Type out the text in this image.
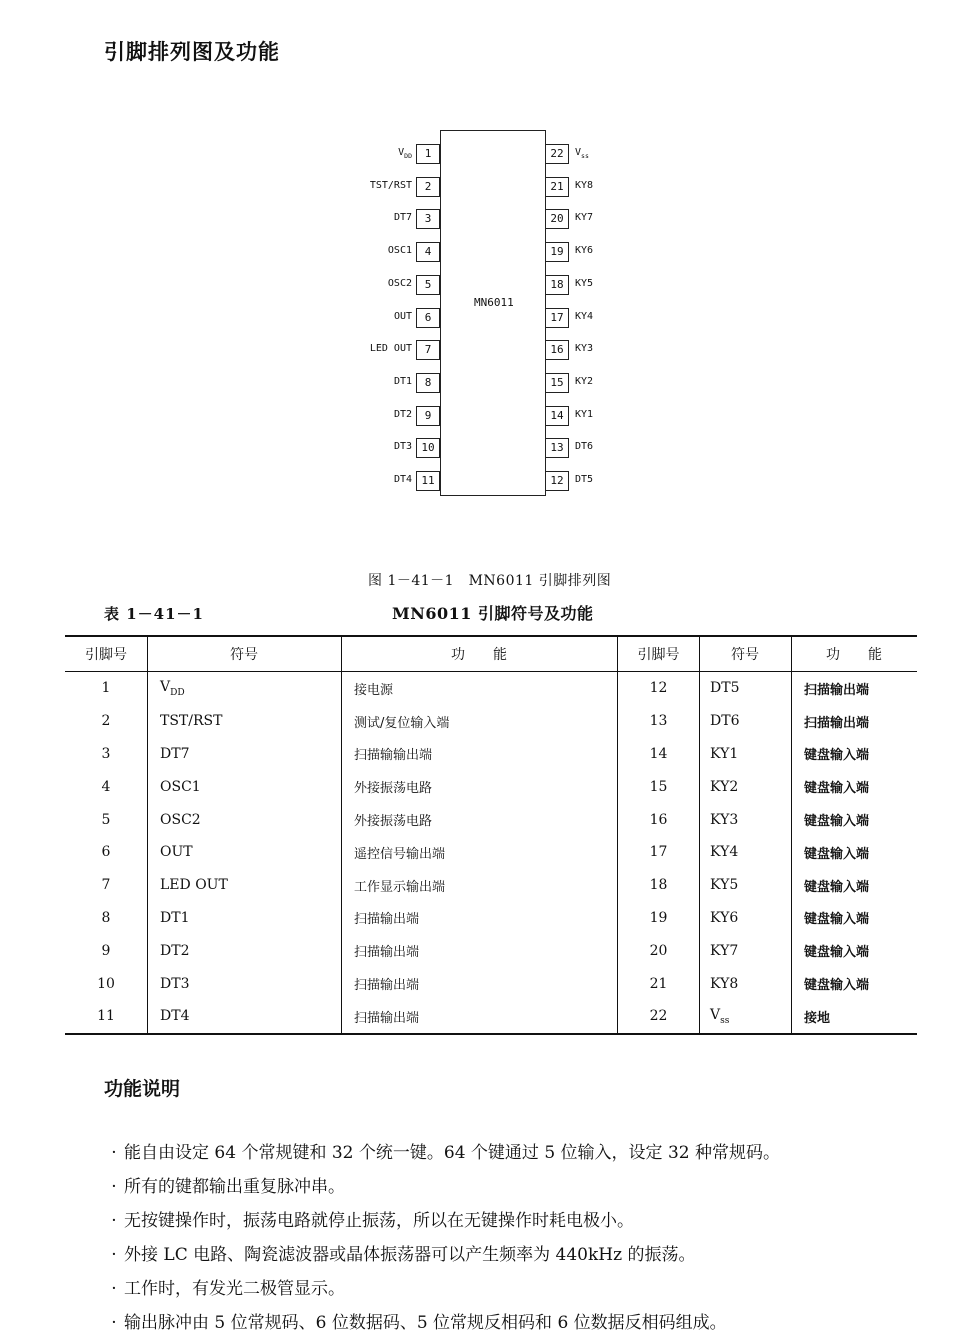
引脚排列图及功能
MN6011
1
$V_{DD}$
2
TST/RST
3
DT7
4
OSC1
5
OSC2
6
OUT
7
LED OUT
8
DT1
9
DT2
10
DT3
11
DT4
22	$V_{ss}$
21	KY8
20	KY7
19	KY6
18	KY5
17	KY4
16	KY3
15	KY2
14	KY1
13	DT6
12	DT5
图 1－41－1　MN6011 引脚排列图
表 1－41－1	MN6011 引脚符号及功能
引脚号	符号	功　　能	引脚号	符号	功　　能
1	$V_{DD}$	接电源	12	DT5	扫描输出端
2	TST/RST	测试/复位输入端	13	DT6	扫描输出端
3	DT7	扫描输输出端	14	KY1	键盘输入端
4	OSC1	外接振荡电路	15	KY2	键盘输入端
5	OSC2	外接振荡电路	16	KY3	键盘输入端
6	OUT	遥控信号输出端	17	KY4	键盘输入端
7	LED OUT	工作显示输出端	18	KY5	键盘输入端
8	DT1	扫描输出端	19	KY6	键盘输入端
9	DT2	扫描输出端	20	KY7	键盘输入端
10	DT3	扫描输出端	21	KY8	键盘输入端
11	DT4	扫描输出端	22	$V_{ss}$	接地
功能说明
· 能自由设定 64 个常规键和 32 个统一键。64 个键通过 5 位输入，设定 32 种常规码。
· 所有的键都输出重复脉冲串。
· 无按键操作时，振荡电路就停止振荡，所以在无键操作时耗电极小。
· 外接 LC 电路、陶瓷滤波器或晶体振荡器可以产生频率为 440kHz 的振荡。
· 工作时，有发光二极管显示。
· 输出脉冲由 5 位常规码、6 位数据码、5 位常规反相码和 6 位数据反相码组成。
